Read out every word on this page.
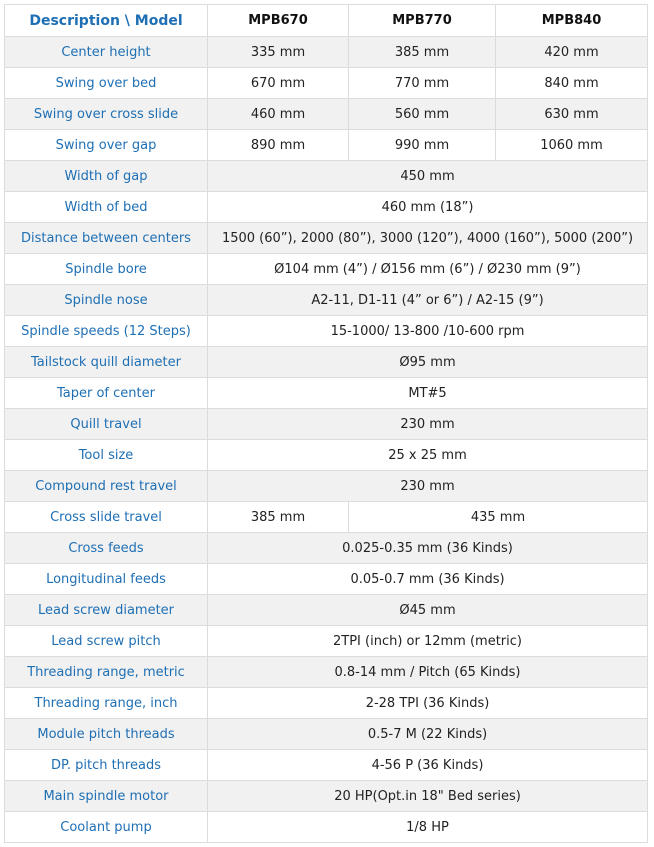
Description \ Model	MPB670	MPB770	MPB840
Center height	335 mm	385 mm	420 mm
Swing over bed	670 mm	770 mm	840 mm
Swing over cross slide	460 mm	560 mm	630 mm
Swing over gap	890 mm	990 mm	1060 mm
Width of gap	450 mm		
Width of bed	460 mm (18”)		
Distance between centers	1500 (60”), 2000 (80”), 3000 (120”), 4000 (160”), 5000 (200”)		
Spindle bore	Ø104 mm (4”) / Ø156 mm (6”) / Ø230 mm (9”)		
Spindle nose	A2-11, D1-11 (4” or 6”) / A2-15 (9”)		
Spindle speeds (12 Steps)	15-1000/ 13-800 /10-600 rpm		
Tailstock quill diameter	Ø95 mm		
Taper of center	MT#5		
Quill travel	230 mm		
Tool size	25 x 25 mm		
Compound rest travel	230 mm		
Cross slide travel	385 mm	435 mm	
Cross feeds	0.025-0.35 mm (36 Kinds)		
Longitudinal feeds	0.05-0.7 mm (36 Kinds)		
Lead screw diameter	Ø45 mm		
Lead screw pitch	2TPI (inch) or 12mm (metric)		
Threading range, metric	0.8-14 mm / Pitch (65 Kinds)		
Threading range, inch	2-28 TPI (36 Kinds)		
Module pitch threads	0.5-7 M (22 Kinds)		
DP. pitch threads	4-56 P (36 Kinds)		
Main spindle motor	20 HP(Opt.in 18" Bed series)		
Coolant pump	1/8 HP		
